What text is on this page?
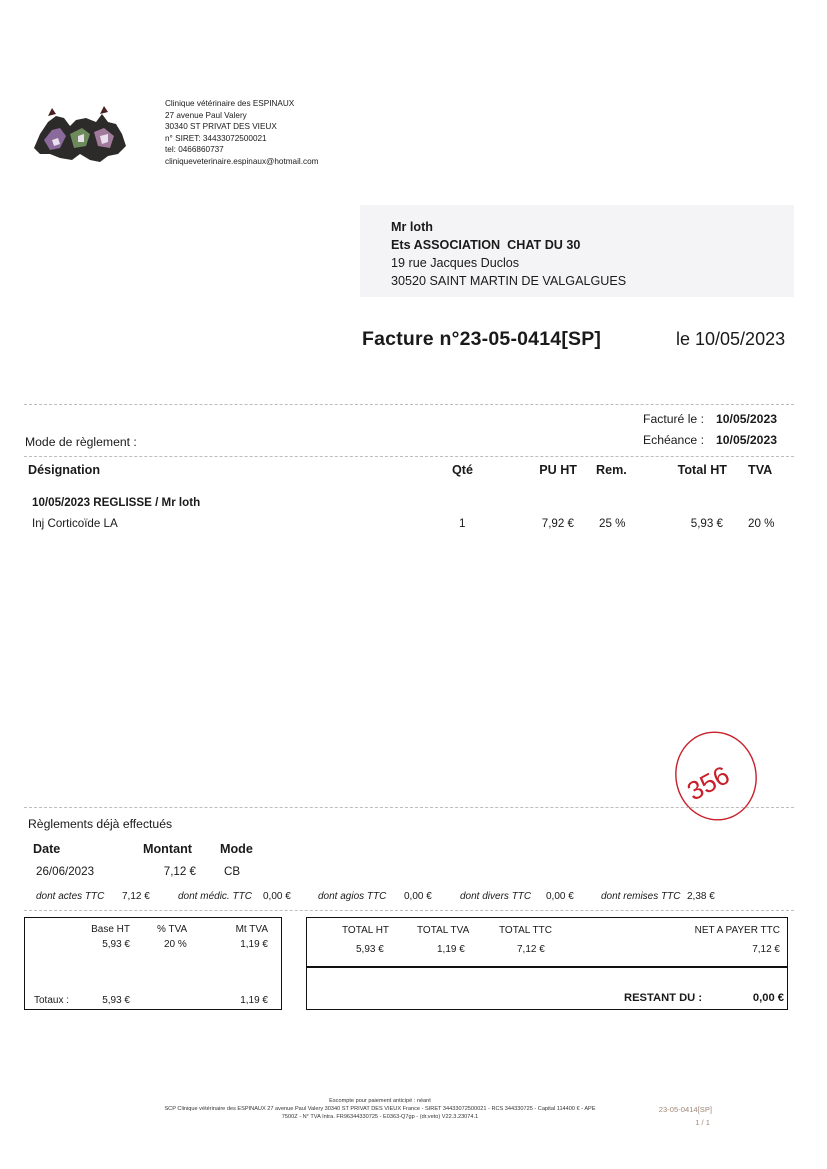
Clinique vétérinaire des ESPINAUX
27 avenue Paul Valery
30340 ST PRIVAT DES VIEUX
n° SIRET: 34433072500021
tel: 0466860737
cliniqueveterinaire.espinaux@hotmail.com
Mr loth
Ets ASSOCIATION  CHAT DU 30
19 rue Jacques Duclos
30520 SAINT MARTIN DE VALGALGUES
Facture n°23-05-0414[SP]	le 10/05/2023
Facturé le : 10/05/2023
Mode de règlement :	Echéance : 10/05/2023
Désignation	Qté	PU HT Rem.	Total HT TVA
10/05/2023 REGLISSE / Mr loth
Inj Corticoïde LA	1	7,92 € 25 %	5,93 € 20 %
356
Règlements déjà effectués
Date	Montant Mode
26/06/2023	7,12 € CB
dont actes TTC 7,12 €	dont médic. TTC 0,00 €	dont agios TTC 0,00 €	dont divers TTC 0,00 €	dont remises TTC 2,38 €
Base HT	% TVA	Mt TVA
5,93 €	20 %	1,19 €
Totaux :	5,93 €	1,19 €
TOTAL HT	TOTAL TVA	TOTAL TTC	NET A PAYER TTC
5,93 €	1,19 €	7,12 €	7,12 €
RESTANT DU :	0,00 €
Escompte pour paiement anticipé : néant
SCP Clinique vétérinaire des ESPINAUX 27 avenue Paul Valery 30340 ST PRIVAT DES VIEUX France - SIRET 34433072500021 - RCS 344330725 - Capital 114400 € - APE
7500Z - N° TVA Intra. FR96344330725 - E0363-Q7gp - (dr.veto) V22.3.23074.1
23-05-0414[SP]
1 / 1
